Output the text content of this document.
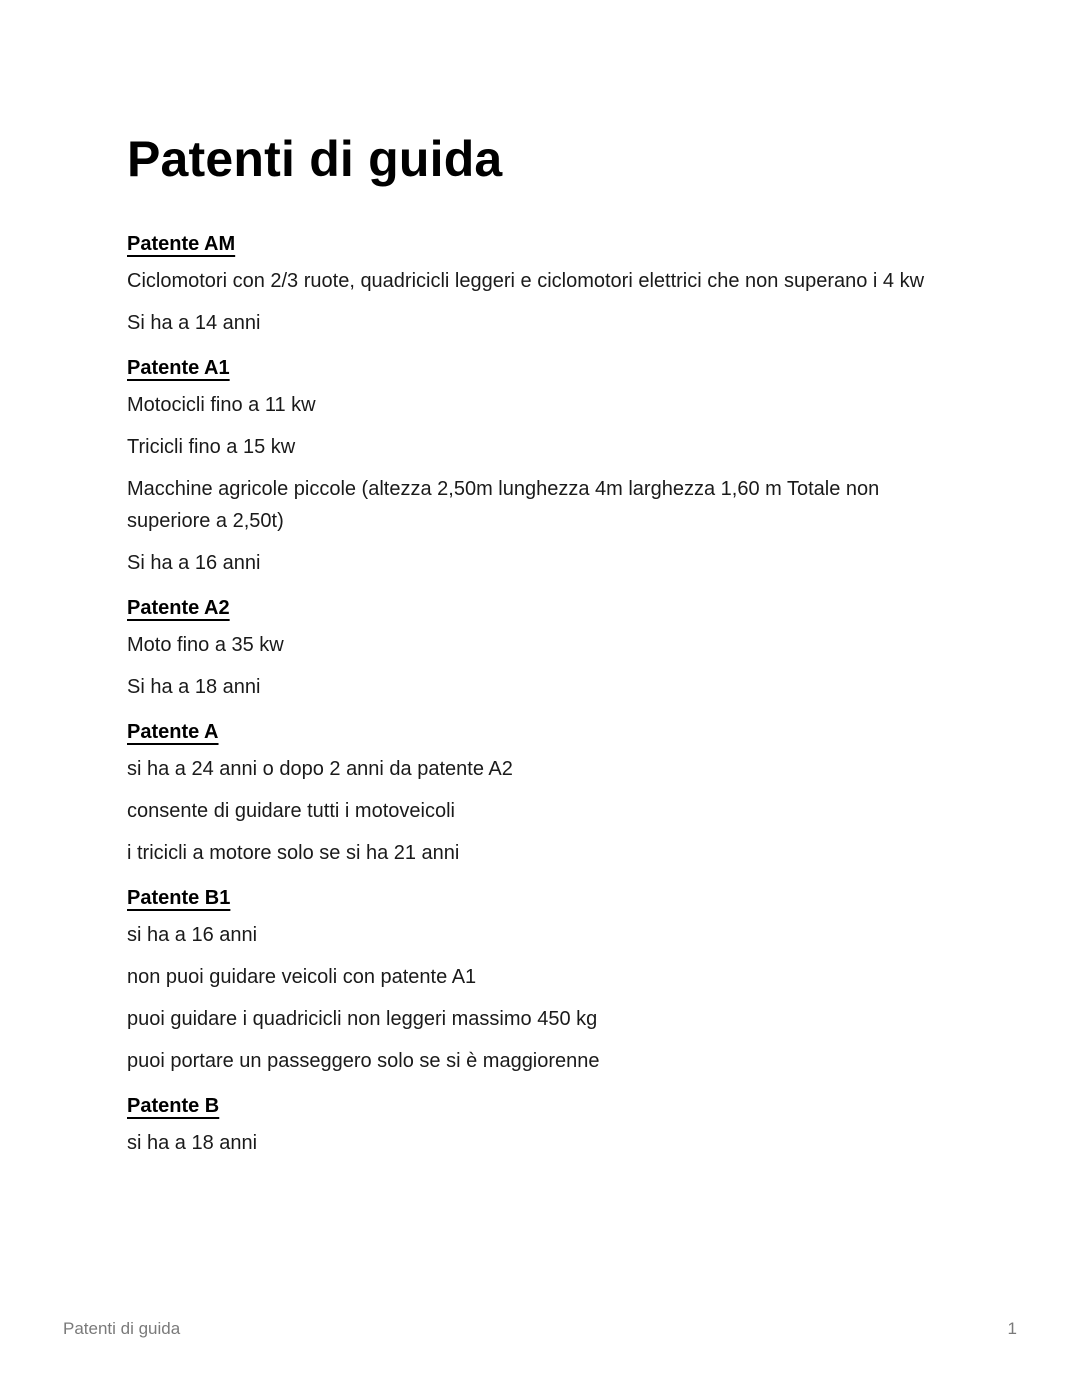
Patenti di guida
Patente AM

Ciclomotori con 2/3 ruote, quadricicli leggeri e ciclomotori elettrici che non superano i 4 kw

Si ha a 14 anni

Patente A1

Motocicli fino a 11 kw

Tricicli fino a 15 kw

Macchine agricole piccole (altezza 2,50m lunghezza 4m larghezza 1,60 m Totale non superiore a 2,50t)

Si ha a 16 anni

Patente A2

Moto fino a 35 kw

Si ha a 18 anni

Patente A

si ha a 24 anni o dopo 2 anni da patente A2

consente di guidare tutti i motoveicoli

i tricicli a motore solo se si ha 21 anni

Patente B1

si ha a 16 anni

non puoi guidare veicoli con patente A1

puoi guidare i quadricicli non leggeri massimo 450 kg

puoi portare un passeggero solo se si è maggiorenne

Patente B

si ha a 18 anni

Patenti di guida	1
